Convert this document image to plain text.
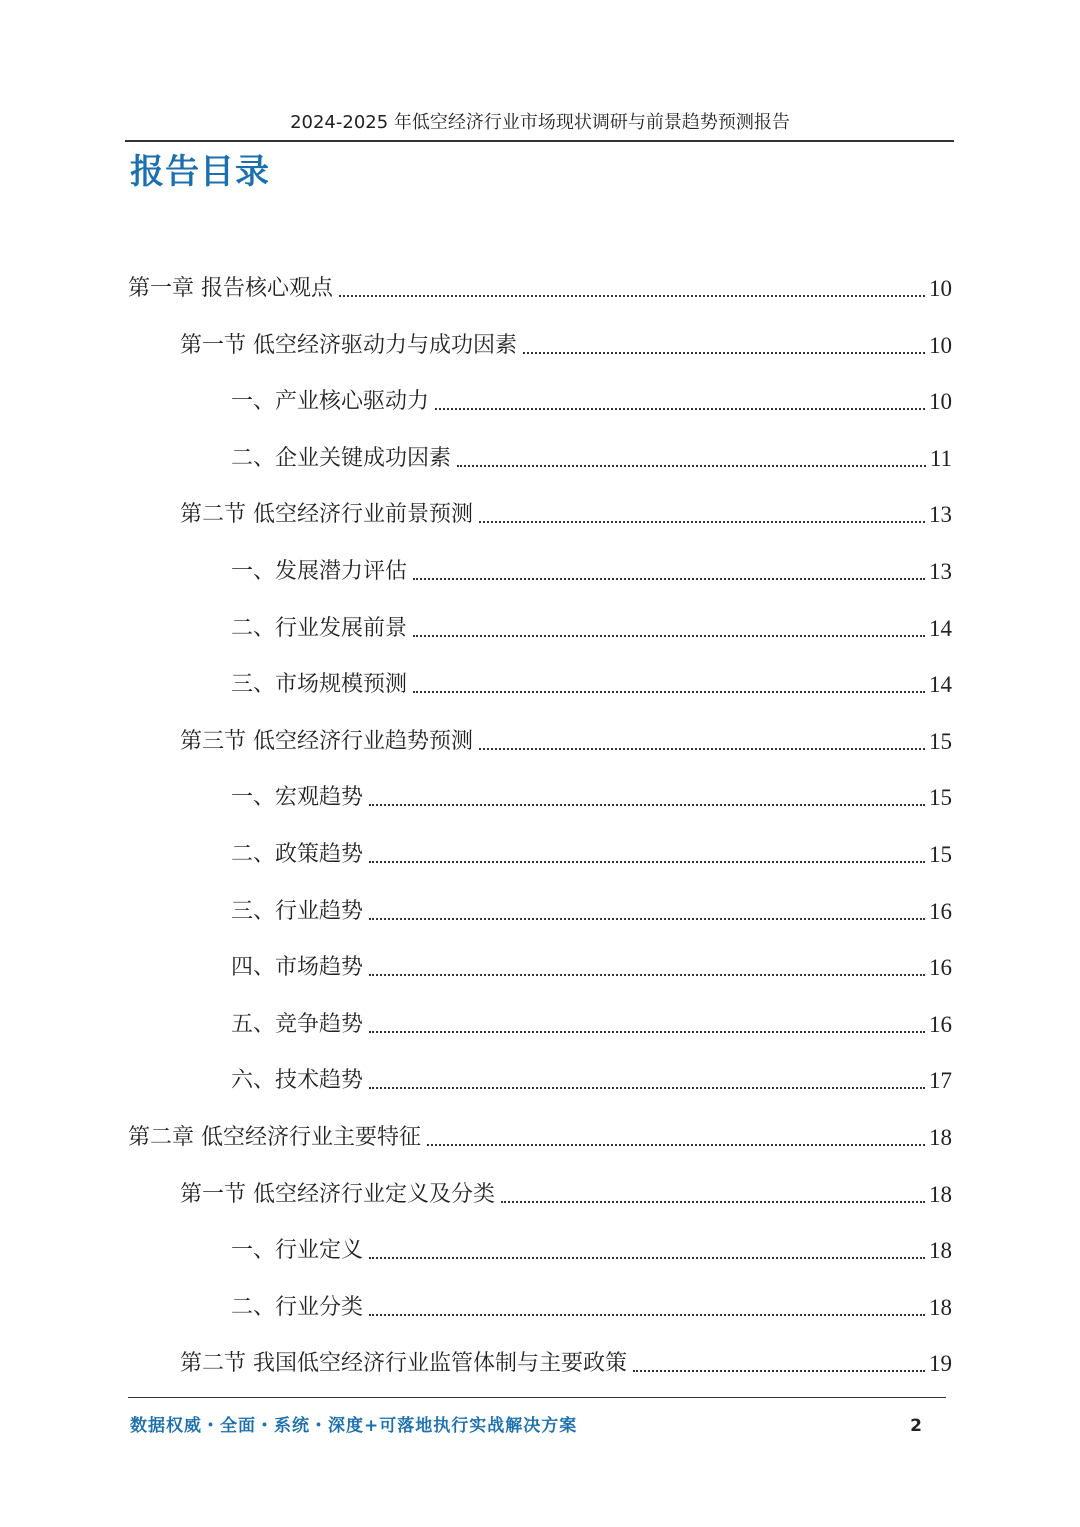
2024-2025 年低空经济行业市场现状调研与前景趋势预测报告
报告目录
第一章 报告核心观点	10
第一节 低空经济驱动力与成功因素	10
一、产业核心驱动力	10
二、企业关键成功因素	11
第二节 低空经济行业前景预测	13
一、发展潜力评估	13
二、行业发展前景	14
三、市场规模预测	14
第三节 低空经济行业趋势预测	15
一、宏观趋势	15
二、政策趋势	15
三、行业趋势	16
四、市场趋势	16
五、竞争趋势	16
六、技术趋势	17
第二章 低空经济行业主要特征	18
第一节 低空经济行业定义及分类	18
一、行业定义	18
二、行业分类	18
第二节 我国低空经济行业监管体制与主要政策	19
数据权威・全面・系统・深度+可落地执行实战解决方案	2
